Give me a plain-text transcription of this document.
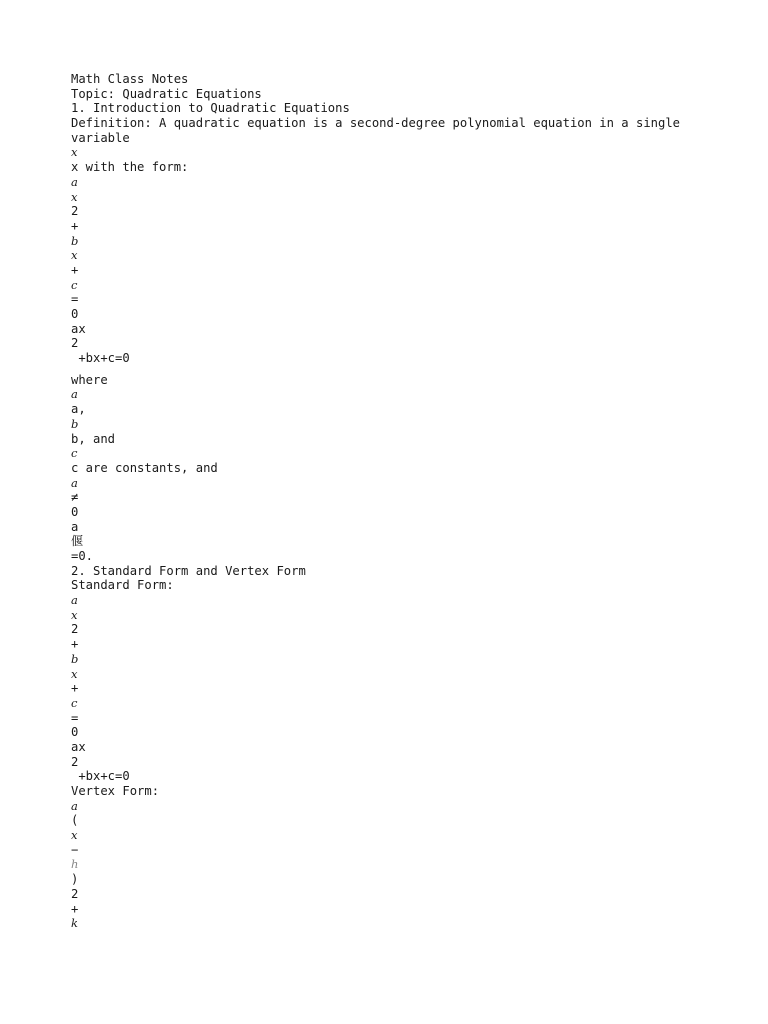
Math Class Notes
Topic: Quadratic Equations
1. Introduction to Quadratic Equations
Definition: A quadratic equation is a second-degree polynomial equation in a single
variable
x
x with the form:
a
x
2
+
b
x
+
c
=
0
ax
2
+bx+c=0
where
a
a,
b
b, and
c
c are constants, and
a
≠
0
a
偃
=0.
2. Standard Form and Vertex Form
Standard Form:
a
x
2
+
b
x
+
c
=
0
ax
2
+bx+c=0
Vertex Form:
a
(
x
−
h
)
2
+
k
